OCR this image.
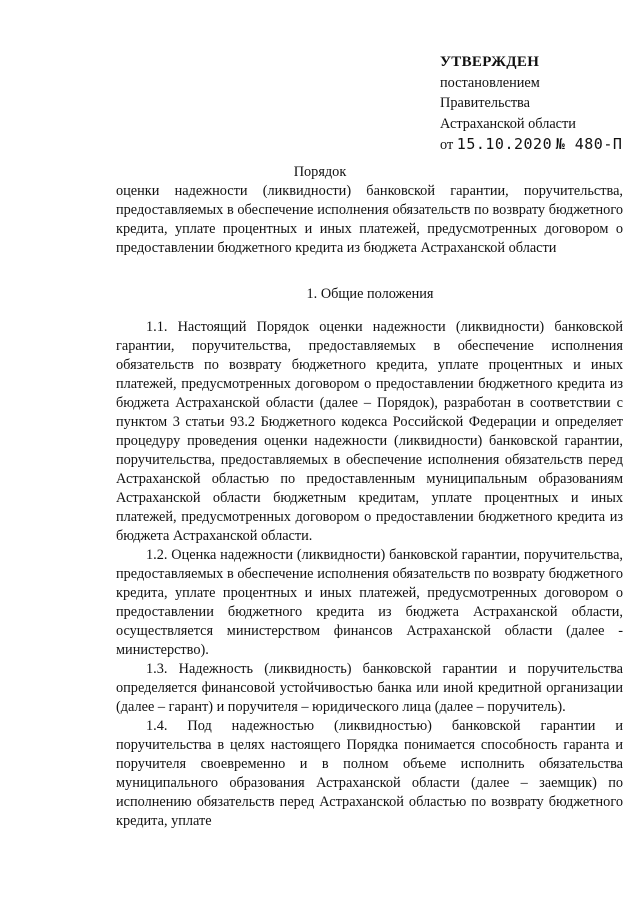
УТВЕРЖДЕН
постановлением
Правительства
Астраханской области
от 15.10.2020 № 480-П
Порядок
оценки надежности (ликвидности) банковской гарантии, поручительства, предоставляемых в обеспечение исполнения обязательств по возврату бюджетного кредита, уплате процентных и иных платежей, предусмотренных договором о предоставлении бюджетного кредита из бюджета Астраханской области
1. Общие положения

1.1. Настоящий Порядок оценки надежности (ликвидности) банковской гарантии, поручительства, предоставляемых в обеспечение исполнения обязательств по возврату бюджетного кредита, уплате процентных и иных платежей, предусмотренных договором о предоставлении бюджетного кредита из бюджета Астраханской области (далее – Порядок), разработан в соответствии с пунктом 3 статьи 93.2 Бюджетного кодекса Российской Федерации и определяет процедуру проведения оценки надежности (ликвидности) банковской гарантии, поручительства, предоставляемых в обеспечение исполнения обязательств перед Астраханской областью по предоставленным муниципальным образованиям Астраханской области бюджетным кредитам, уплате процентных и иных платежей, предусмотренных договором о предоставлении бюджетного кредита из бюджета Астраханской области.

1.2. Оценка надежности (ликвидности) банковской гарантии, поручительства, предоставляемых в обеспечение исполнения обязательств по возврату бюджетного кредита, уплате процентных и иных платежей, предусмотренных договором о предоставлении бюджетного кредита из бюджета Астраханской области, осуществляется министерством финансов Астраханской области (далее - министерство).

1.3. Надежность (ликвидность) банковской гарантии и поручительства определяется финансовой устойчивостью банка или иной кредитной организации (далее – гарант) и поручителя – юридического лица (далее – поручитель).

1.4. Под надежностью (ликвидностью) банковской гарантии и поручительства в целях настоящего Порядка понимается способность гаранта и поручителя своевременно и в полном объеме исполнить обязательства муниципального образования Астраханской области (далее – заемщик) по исполнению обязательств перед Астраханской областью по возврату бюджетного кредита, уплате
